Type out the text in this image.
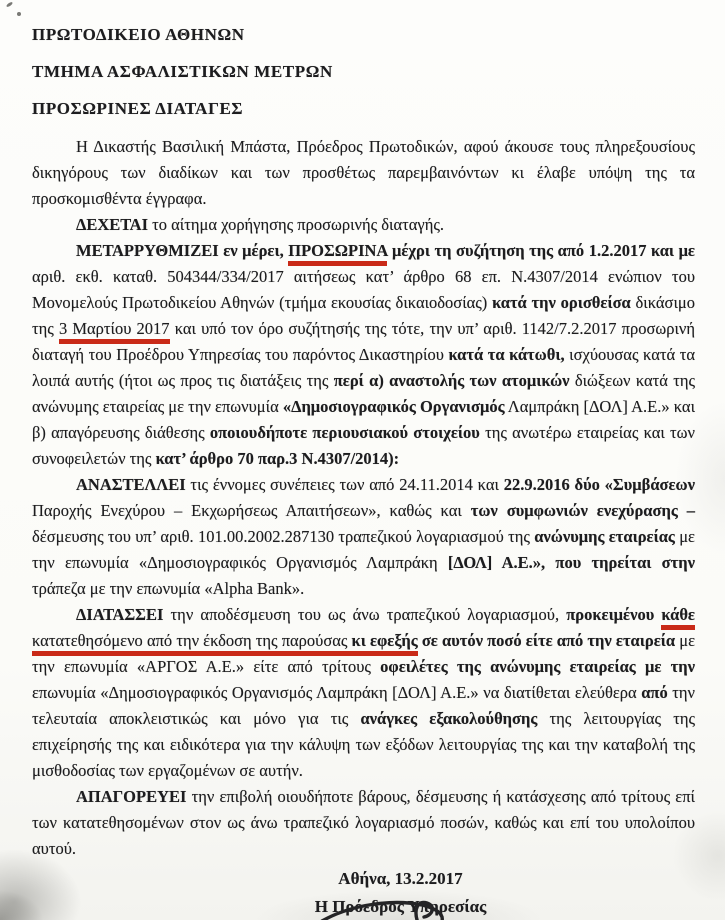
ΠΡΩΤΟΔΙΚΕΙΟ ΑΘΗΝΩΝ
ΤΜΗΜΑ ΑΣΦΑΛΙΣΤΙΚΩΝ ΜΕΤΡΩΝ
ΠΡΟΣΩΡΙΝΕΣ ΔΙΑΤΑΓΕΣ

Η Δικαστής Βασιλική Μπάστα, Πρόεδρος Πρωτοδικών, αφού άκουσε τους πληρεξουσίους δικηγόρους των διαδίκων και των προσθέτως παρεμβαινόντων κι έλαβε υπόψη της τα προσκομισθέντα έγγραφα.

ΔΕΧΕΤΑΙ το αίτημα χορήγησης προσωρινής διαταγής.

ΜΕΤΑΡΡΥΘΜΙΖΕΙ εν μέρει, ΠΡΟΣΩΡΙΝΑ μέχρι τη συζήτηση της από 1.2.2017 και με αριθ. εκθ. καταθ. 504344/334/2017 αιτήσεως κατ’ άρθρο 68 επ. Ν.4307/2014 ενώπιον του Μονομελούς Πρωτοδικείου Αθηνών (τμήμα εκουσίας δικαιοδοσίας) κατά την ορισθείσα δικάσιμο της 3 Μαρτίου 2017 και υπό τον όρο συζήτησής της τότε, την υπ’ αριθ. 1142/7.2.2017 προσωρινή διαταγή του Προέδρου Υπηρεσίας του παρόντος Δικαστηρίου κατά τα κάτωθι, ισχύουσας κατά τα λοιπά αυτής (ήτοι ως προς τις διατάξεις της περί α) αναστολής των ατομικών διώξεων κατά της ανώνυμης εταιρείας με την επωνυμία «Δημοσιογραφικός Οργανισμός Λαμπράκη [ΔΟΛ] Α.Ε.» και β) απαγόρευσης διάθεσης οποιουδήποτε περιουσιακού στοιχείου της ανωτέρω εταιρείας και των συνοφειλετών της κατ’ άρθρο 70 παρ.3 Ν.4307/2014):

ΑΝΑΣΤΕΛΛΕΙ τις έννομες συνέπειες των από 24.11.2014 και 22.9.2016 δύο «Συμβάσεων Παροχής Ενεχύρου – Εκχωρήσεως Απαιτήσεων», καθώς και των συμφωνιών ενεχύρασης – δέσμευσης του υπ’ αριθ. 101.00.2002.287130 τραπεζικού λογαριασμού της ανώνυμης εταιρείας με την επωνυμία «Δημοσιογραφικός Οργανισμός Λαμπράκη [ΔΟΛ] Α.Ε.», που τηρείται στην τράπεζα με την επωνυμία «Alpha Bank».

ΔΙΑΤΑΣΣΕΙ την αποδέσμευση του ως άνω τραπεζικού λογαριασμού, προκειμένου κάθε κατατεθησόμενο από την έκδοση της παρούσας κι εφεξής σε αυτόν ποσό είτε από την εταιρεία με την επωνυμία «ΑΡΓΟΣ Α.Ε.» είτε από τρίτους οφειλέτες της ανώνυμης εταιρείας με την επωνυμία «Δημοσιογραφικός Οργανισμός Λαμπράκη [ΔΟΛ] Α.Ε.» να διατίθεται ελεύθερα από την τελευταία αποκλειστικώς και μόνο για τις ανάγκες εξακολούθησης της λειτουργίας της επιχείρησής της και ειδικότερα για την κάλυψη των εξόδων λειτουργίας της και την καταβολή της μισθοδοσίας των εργαζομένων σε αυτήν.

ΑΠΑΓΟΡΕΥΕΙ την επιβολή οιουδήποτε βάρους, δέσμευσης ή κατάσχεσης από τρίτους επί των κατατεθησομένων στον ως άνω τραπεζικό λογαριασμό ποσών, καθώς και επί του υπολοίπου αυτού.

Αθήνα, 13.2.2017
Η Πρόεδρος Υπηρεσίας
